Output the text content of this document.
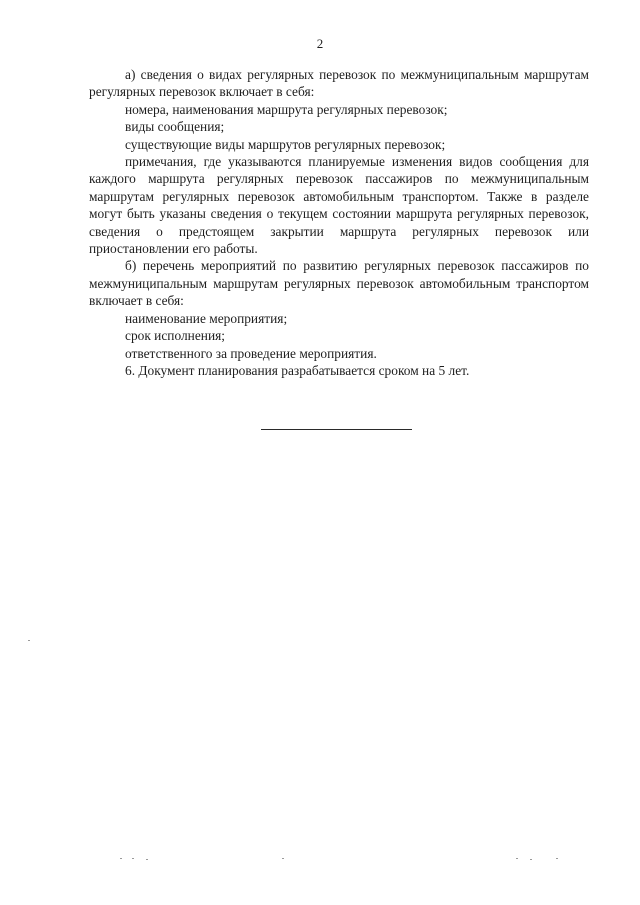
2

а) сведения о видах регулярных перевозок по межмуниципальным маршрутам регулярных перевозок включает в себя:

номера, наименования маршрута регулярных перевозок;

виды сообщения;

существующие виды маршрутов регулярных перевозок;

примечания, где указываются планируемые изменения видов сообщения для каждого маршрута регулярных перевозок пассажиров по межмуниципальным маршрутам регулярных перевозок автомобильным транспортом. Также в разделе могут быть указаны сведения о текущем состоянии маршрута регулярных перевозок, сведения о предстоящем закрытии маршрута регулярных перевозок или приостановлении его работы.

б) перечень мероприятий по развитию регулярных перевозок пассажиров по межмуниципальным маршрутам регулярных перевозок автомобильным транспортом включает в себя:

наименование мероприятия;

срок исполнения;

ответственного за проведение мероприятия.

6. Документ планирования разрабатывается сроком на 5 лет.
